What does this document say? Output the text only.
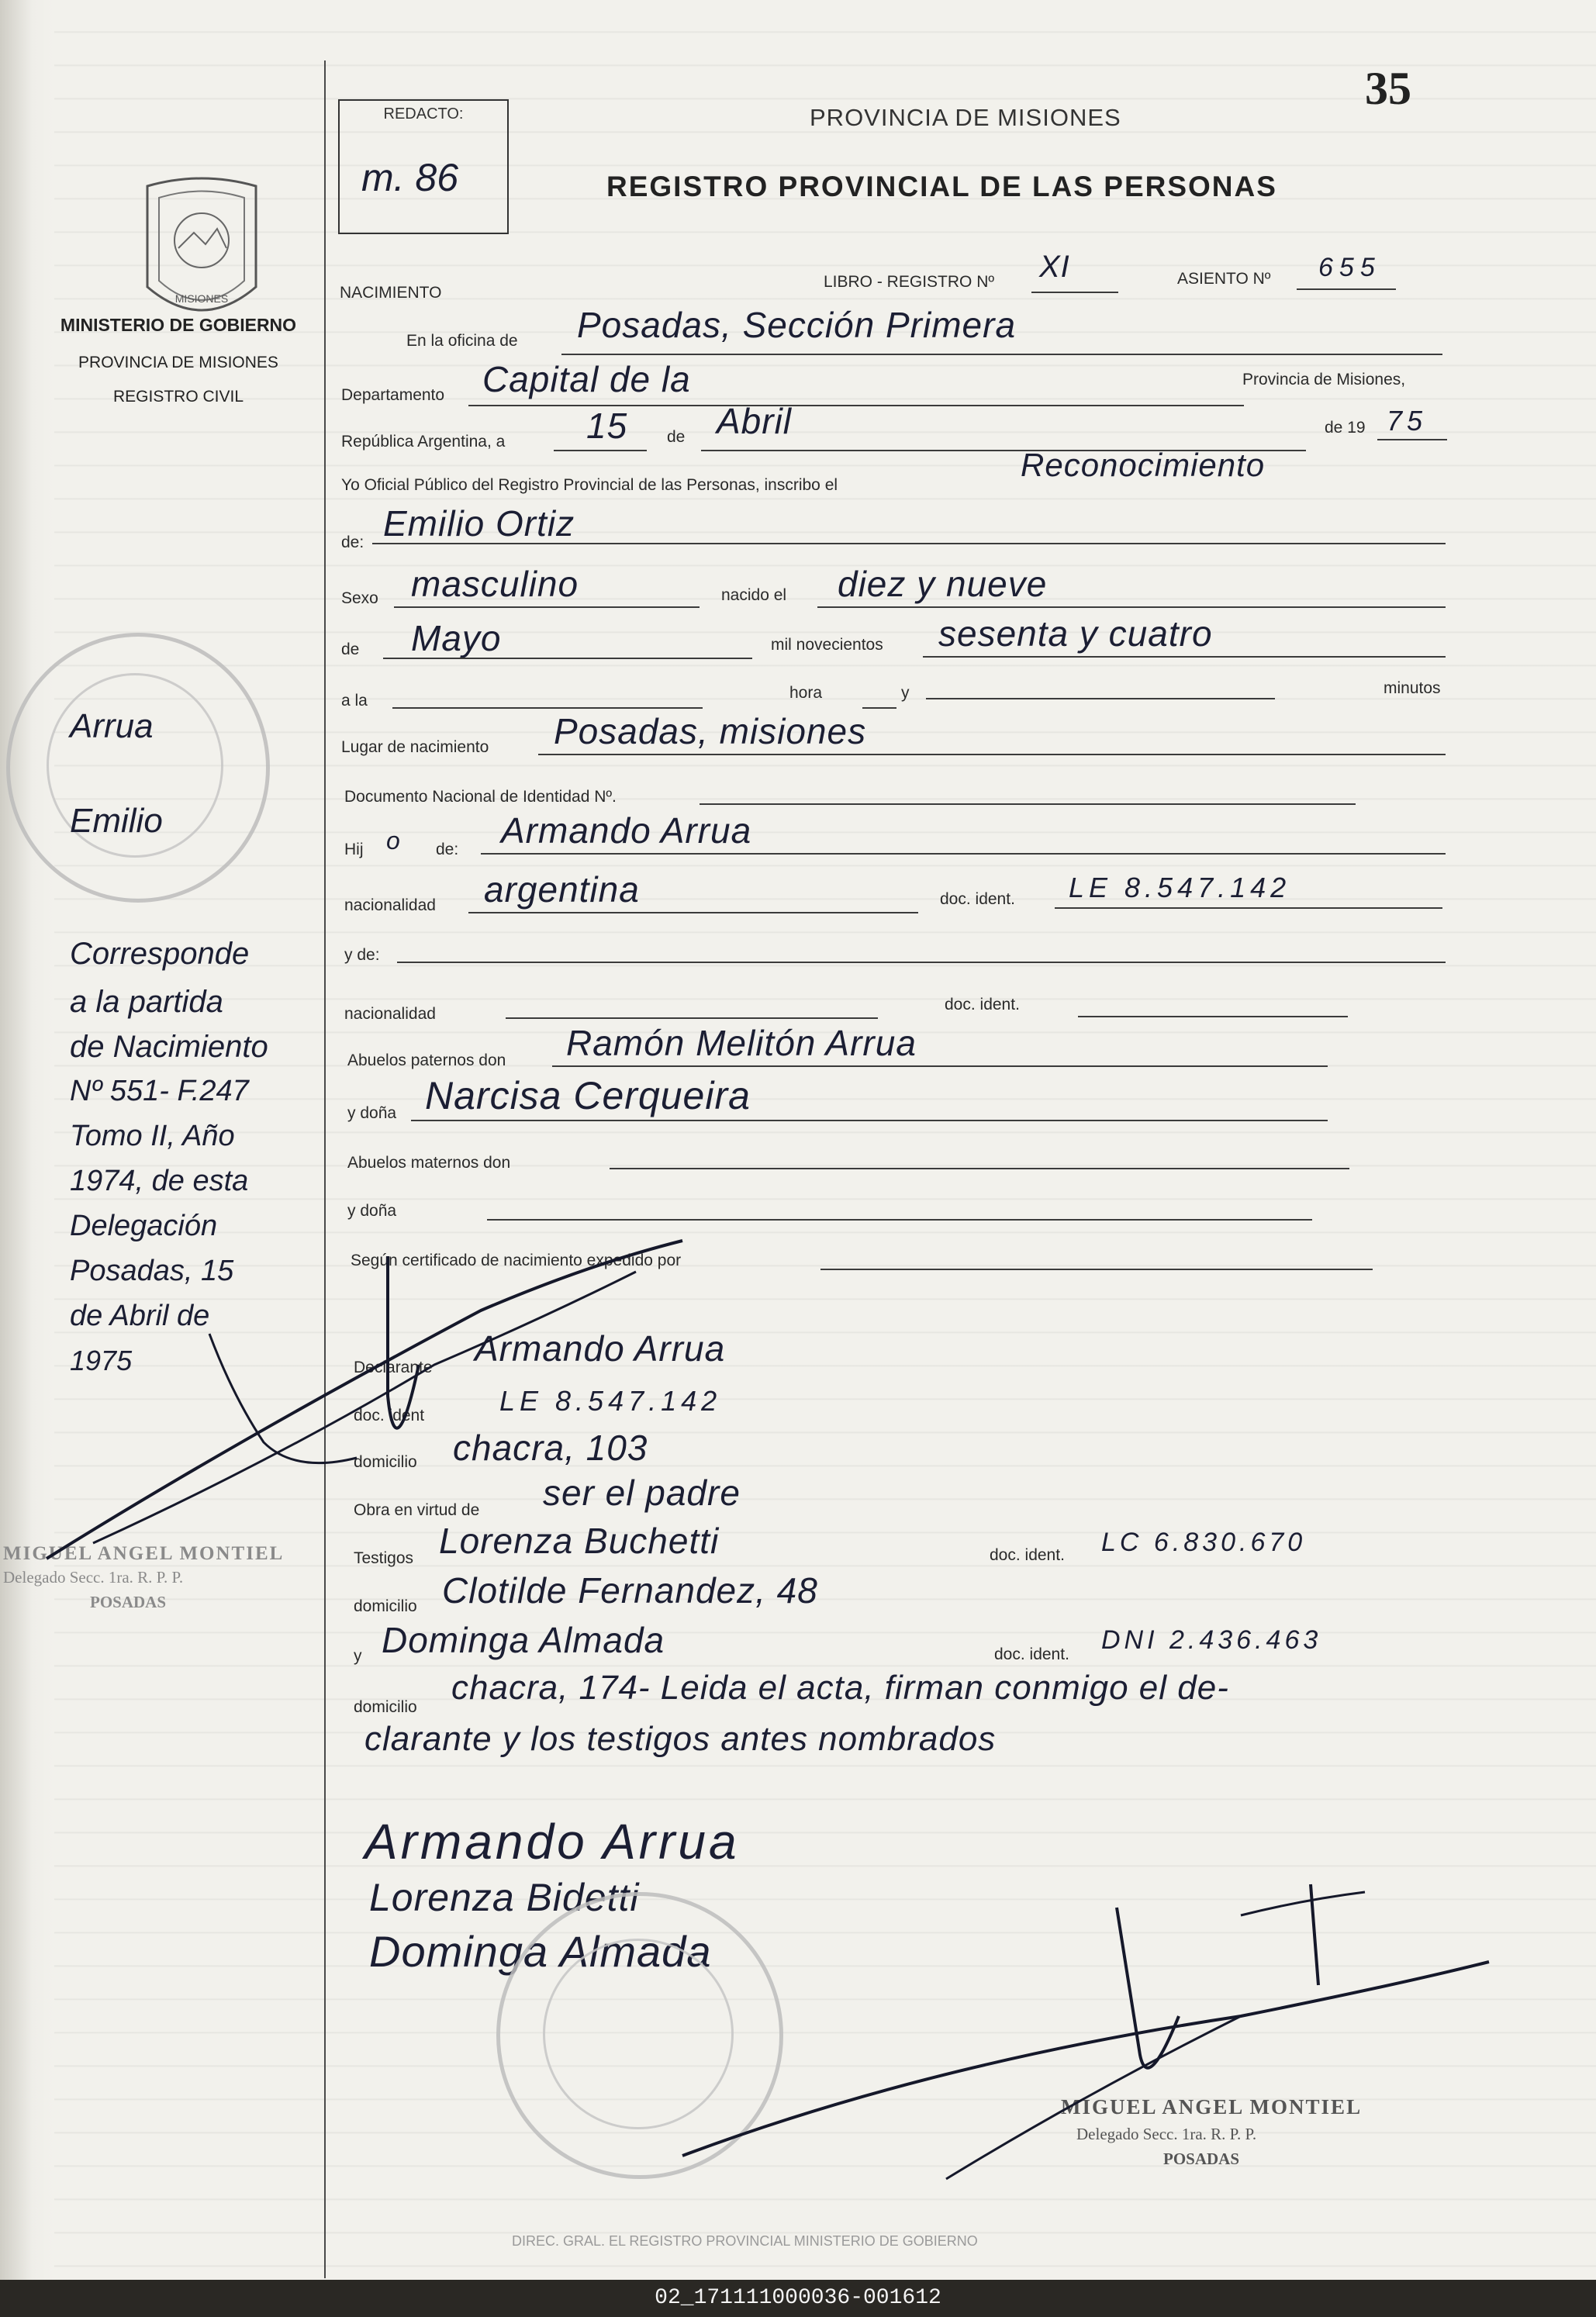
35
REDACTO:
m. 86
PROVINCIA DE MISIONES
REGISTRO PROVINCIAL DE LAS PERSONAS
MISIONES
MINISTERIO DE GOBIERNO
PROVINCIA DE MISIONES
REGISTRO CIVIL
Arrua
Emilio
Corresponde
a la partida
de Nacimiento
Nº 551- F.247
Tomo II, Año
1974, de esta
Delegación
Posadas, 15
de Abril de
1975
MIGUEL ANGEL MONTIEL
Delegado Secc. 1ra. R. P. P.
POSADAS
NACIMIENTO
LIBRO - REGISTRO Nº XI	ASIENTO Nº 655
En la oficina de Posadas, Sección Primera
Departamento Capital de la	Provincia de Misiones,
República Argentina, a 15 de Abril	de 19 75
Yo Oficial Público del Registro Provincial de las Personas, inscribo el
Reconocimiento
de: Emilio Ortiz
Sexo masculino	nacido el diez y nueve
de Mayo	mil novecientos sesenta y cuatro
a la	hora	y	minutos
Lugar de nacimiento Posadas, misiones
Documento Nacional de Identidad Nº.
Hij o de: Armando Arrua
nacionalidad argentina	doc. ident. LE 8.547.142
y de:
nacionalidad
doc. ident.
Abuelos paternos don Ramón Melitón Arrua
y doña Narcisa Cerqueira
Abuelos maternos don
y doña
Según certificado de nacimiento expedido por
Declarante Armando Arrua
doc. ident	LE 8.547.142
domicilio chacra, 103
Obra en virtud de ser el padre
Testigos Lorenza Buchetti	doc. ident. LC 6.830.670
domicilio Clotilde Fernandez, 48
y Dominga Almada	doc. ident. DNI 2.436.463
domicilio
chacra, 174- Leida el acta, firman conmigo el de-
clarante y los testigos antes nombrados
Armando Arrua
Lorenza Bidetti
Dominga Almada
DIREC. GRAL. EL REGISTRO PROVINCIAL MINISTERIO DE GOBIERNO
MIGUEL ANGEL MONTIEL
Delegado Secc. 1ra. R. P. P.
POSADAS
02_171111000036-001612
